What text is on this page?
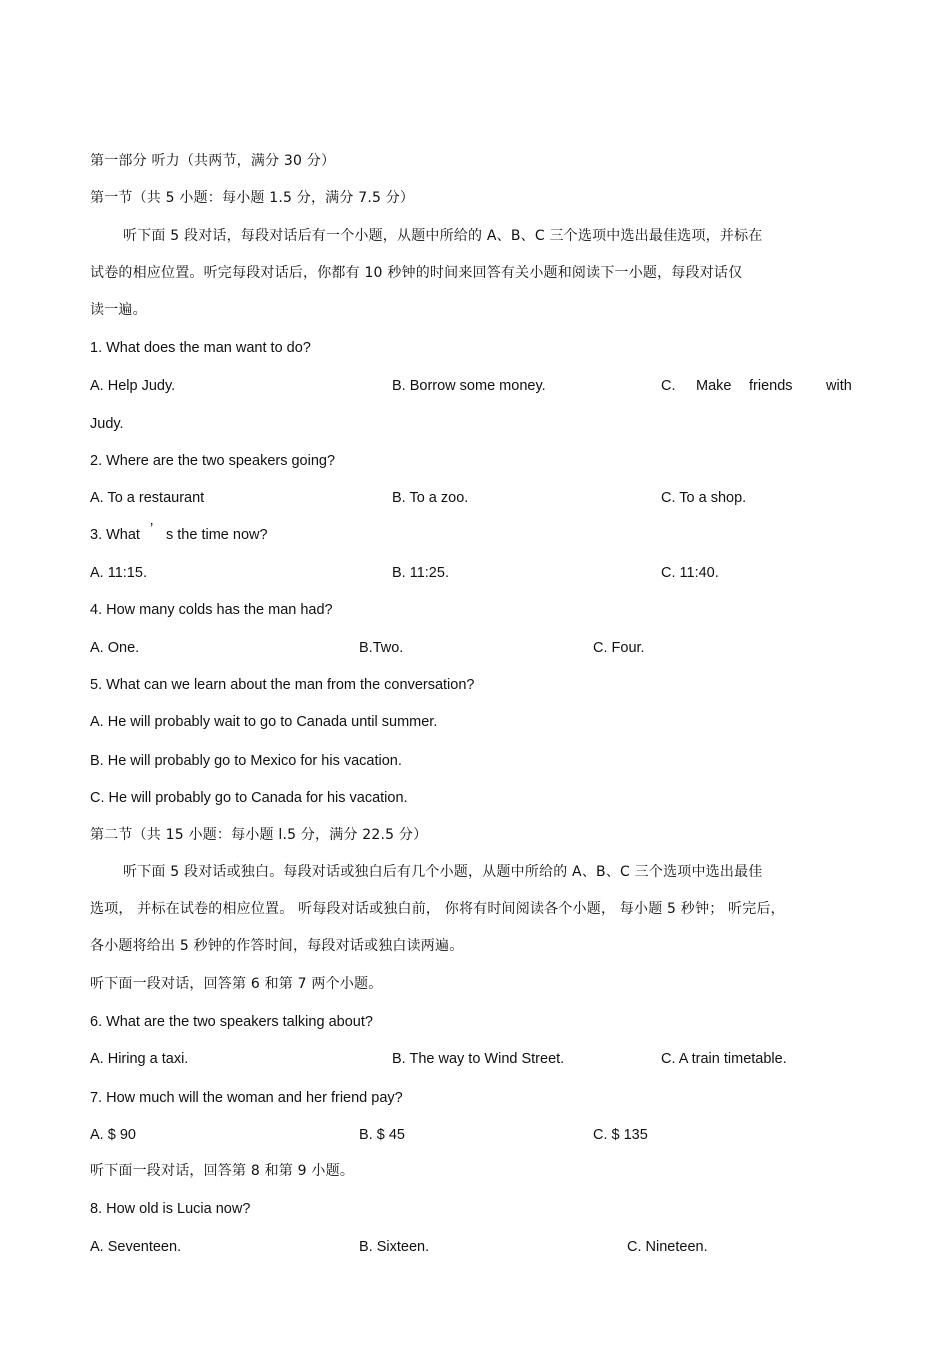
第一部分 听力（共两节，满分 30 分）
第一节（共 5 小题：每小题 1.5 分，满分 7.5 分）
听下面 5 段对话，每段对话后有一个小题，从题中所给的 A、B、C 三个选项中选出最佳选项，并标在
试卷的相应位置。听完每段对话后，你都有 10 秒钟的时间来回答有关小题和阅读下一小题，每段对话仅
读一遍。
1. What does the man want to do?
A. Help Judy.	B. Borrow some money.	C. Make friends with
Judy.
2. Where are the two speakers going?
A. To a restaurant	B. To a zoo.	C. To a shop.
3. What ’ s the time now?
A. 11:15.	B. 11:25.	C. 11:40.
4. How many colds has the man had?
A. One.	B.Two.	C. Four.
5. What can we learn about the man from the conversation?
A. He will probably wait to go to Canada until summer.
B. He will probably go to Mexico for his vacation.
C. He will probably go to Canada for his vacation.
第二节（共 15 小题：每小题 l.5 分，满分 22.5 分）
听下面 5 段对话或独白。每段对话或独白后有几个小题，从题中所给的 A、B、C 三个选项中选出最佳
选项， 并标在试卷的相应位置。 听每段对话或独白前， 你将有时间阅读各个小题， 每小题 5 秒钟； 听完后，
各小题将给出 5 秒钟的作答时间，每段对话或独白读两遍。
听下面一段对话，回答第 6 和第 7 两个小题。
6. What are the two speakers talking about?
A. Hiring a taxi.	B. The way to Wind Street.	C. A train timetable.
7. How much will the woman and her friend pay?
A. $ 90	B. $ 45	C. $ 135
听下面一段对话，回答第 8 和第 9 小题。
8. How old is Lucia now?
A. Seventeen.	B. Sixteen.	C. Nineteen.
